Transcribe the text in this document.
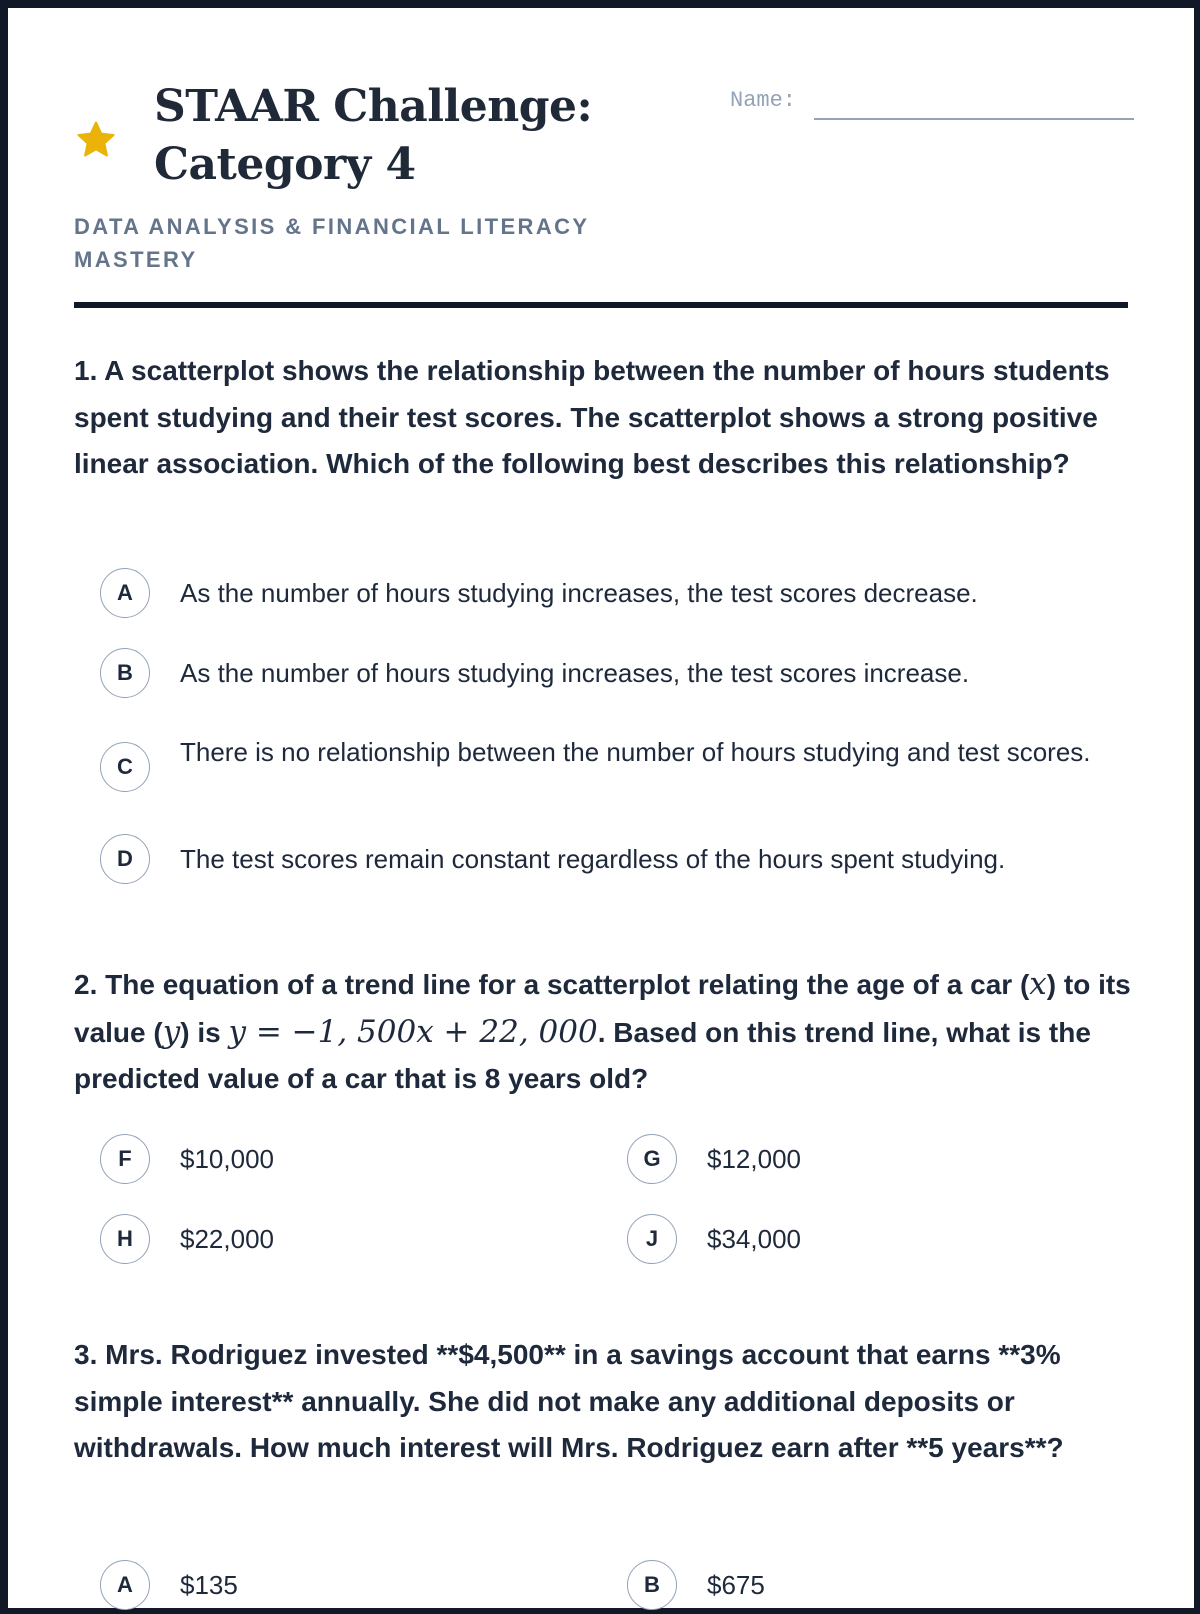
STAAR Challenge:
Category 4
DATA ANALYSIS & FINANCIAL LITERACY
MASTERY
Name:
1. A scatterplot shows the relationship between the number of hours students spent studying and their test scores. The scatterplot shows a strong positive linear association. Which of the following best describes this relationship?
A	As the number of hours studying increases, the test scores decrease.
B	As the number of hours studying increases, the test scores increase.
C	There is no relationship between the number of hours studying and test scores.
D	The test scores remain constant regardless of the hours spent studying.
2. The equation of a trend line for a scatterplot relating the age of a car (x) to its value (y) is y = −1, 500x + 22, 000. Based on this trend line, what is the predicted value of a car that is 8 years old?
F	$10,000	G	$12,000
H	$22,000	J	$34,000
3. Mrs. Rodriguez invested **$4,500** in a savings account that earns **3% simple interest** annually. She did not make any additional deposits or withdrawals. How much interest will Mrs. Rodriguez earn after **5 years**?
A	$135	B	$675
